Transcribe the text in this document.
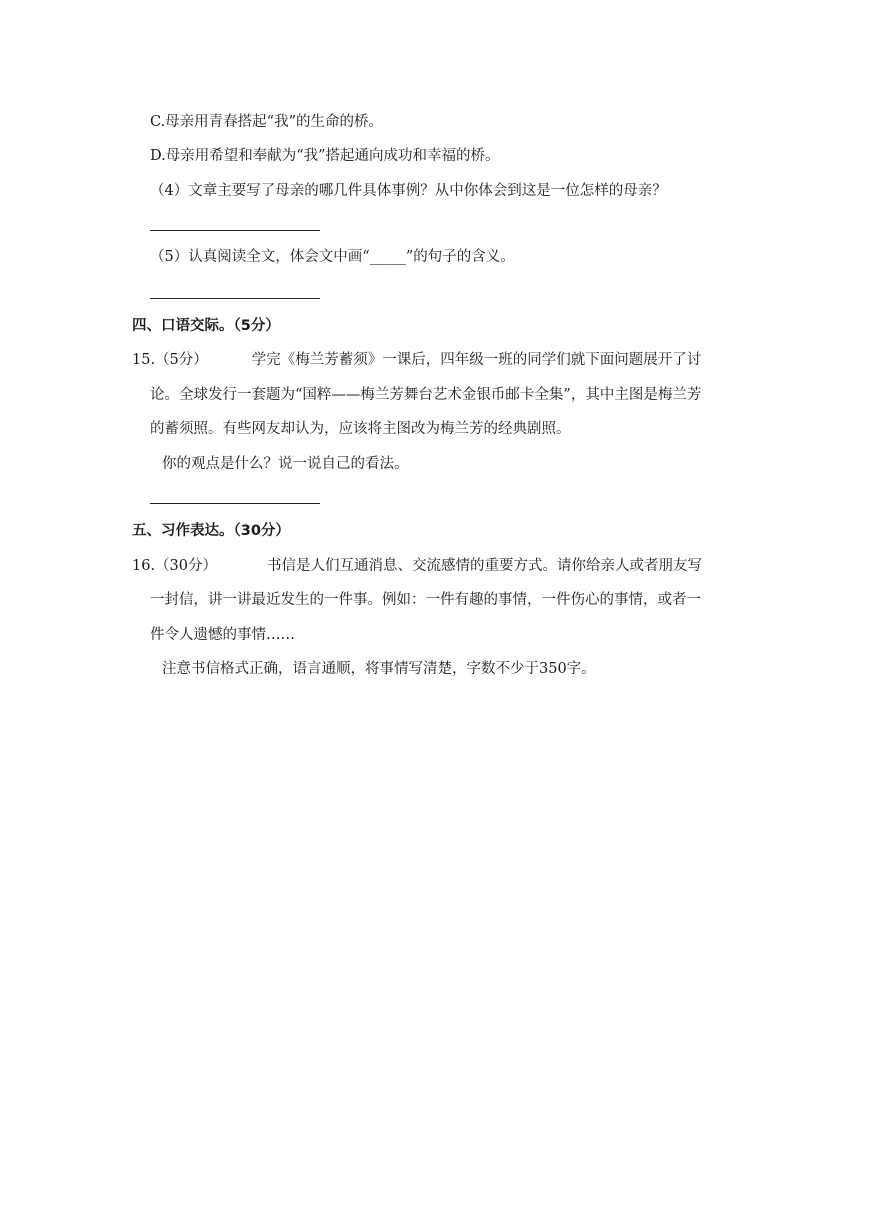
C.母亲用青春搭起“我”的生命的桥。
D.母亲用希望和奉献为“我”搭起通向成功和幸福的桥。
（4）文章主要写了母亲的哪几件具体事例？从中你体会到这是一位怎样的母亲？
（5）认真阅读全文，体会文中画“_____”的句子的含义。
四、口语交际。（5分）
15.（5分）	学完《梅兰芳蓄须》一课后，四年级一班的同学们就下面问题展开了讨
论。全球发行一套题为“国粹——梅兰芳舞台艺术金银币邮卡全集”，其中主图是梅兰芳
的蓄须照。有些网友却认为，应该将主图改为梅兰芳的经典剧照。
你的观点是什么？说一说自己的看法。
五、习作表达。（30分）
16.（30分）	书信是人们互通消息、交流感情的重要方式。请你给亲人或者朋友写
一封信，讲一讲最近发生的一件事。例如：一件有趣的事情，一件伤心的事情，或者一
件令人遗憾的事情……
注意书信格式正确，语言通顺，将事情写清楚，字数不少于350字。
